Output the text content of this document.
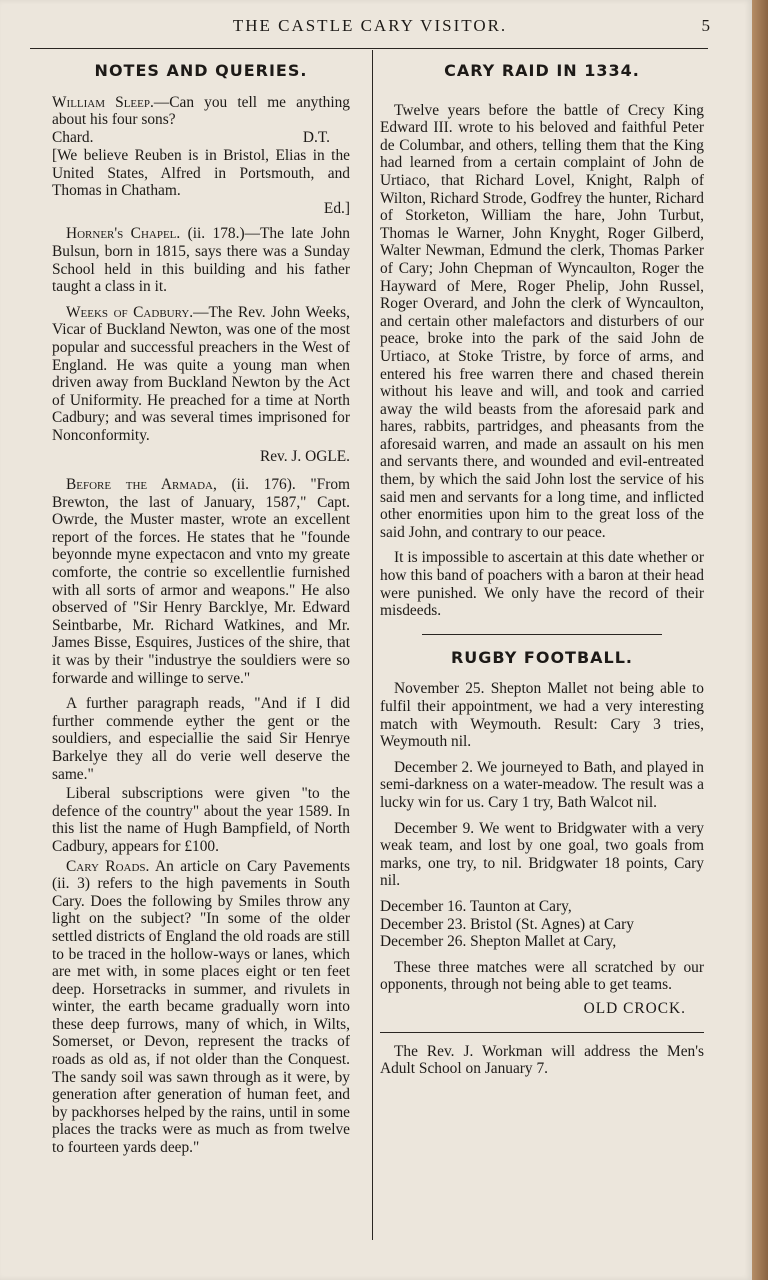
THE CASTLE CARY VISITOR.	5
NOTES AND QUERIES.

William Sleep.—Can you tell me anything about his four sons?

D.T.
Chard.
[We believe Reuben is in Bristol, Elias in the United States, Alfred in Portsmouth, and Thomas in Chatham.
Ed.]

Horner's Chapel. (ii. 178.)—The late John Bulsun, born in 1815, says there was a Sunday School held in this building and his father taught a class in it.

Weeks of Cadbury.—The Rev. John Weeks, Vicar of Buckland Newton, was one of the most popular and successful preachers in the West of England. He was quite a young man when driven away from Buckland Newton by the Act of Uniformity. He preached for a time at North Cadbury; and was several times imprisoned for Nonconformity.

Rev. J. OGLE.

Before the Armada, (ii. 176). "From Brewton, the last of January, 1587," Capt. Owrde, the Muster master, wrote an excellent report of the forces. He states that he "founde beyonnde myne expectacon and vnto my greate comforte, the contrie so excellentlie furnished with all sorts of armor and weapons." He also observed of "Sir Henry Barcklye, Mr. Edward Seintbarbe, Mr. Richard Watkines, and Mr. James Bisse, Esquires, Justices of the shire, that it was by their "industrye the souldiers were so forwarde and willinge to serve."

A further paragraph reads, "And if I did further commende eyther the gent or the souldiers, and especiallie the said Sir Henrye Barkelye they all do verie well deserve the same."

Liberal subscriptions were given "to the defence of the country" about the year 1589. In this list the name of Hugh Bampfield, of North Cadbury, appears for £100.

Cary Roads. An article on Cary Pavements (ii. 3) refers to the high pavements in South Cary. Does the following by Smiles throw any light on the subject? "In some of the older settled districts of England the old roads are still to be traced in the hollow-ways or lanes, which are met with, in some places eight or ten feet deep. Horsetracks in summer, and rivulets in winter, the earth became gradually worn into these deep furrows, many of which, in Wilts, Somerset, or Devon, represent the tracks of roads as old as, if not older than the Conquest. The sandy soil was sawn through as it were, by generation after generation of human feet, and by packhorses helped by the rains, until in some places the tracks were as much as from twelve to fourteen yards deep."

CARY RAID IN 1334.

Twelve years before the battle of Crecy King Edward III. wrote to his beloved and faithful Peter de Columbar, and others, telling them that the King had learned from a certain complaint of John de Urtiaco, that Richard Lovel, Knight, Ralph of Wilton, Richard Strode, Godfrey the hunter, Richard of Storketon, William the hare, John Turbut, Thomas le Warner, John Knyght, Roger Gilberd, Walter Newman, Edmund the clerk, Thomas Parker of Cary; John Chepman of Wyncaulton, Roger the Hayward of Mere, Roger Phelip, John Russel, Roger Overard, and John the clerk of Wyncaulton, and certain other malefactors and disturbers of our peace, broke into the park of the said John de Urtiaco, at Stoke Tristre, by force of arms, and entered his free warren there and chased therein without his leave and will, and took and carried away the wild beasts from the aforesaid park and hares, rabbits, partridges, and pheasants from the aforesaid warren, and made an assault on his men and servants there, and wounded and evil-entreated them, by which the said John lost the service of his said men and servants for a long time, and inflicted other enormities upon him to the great loss of the said John, and contrary to our peace.

It is impossible to ascertain at this date whether or how this band of poachers with a baron at their head were punished. We only have the record of their misdeeds.

RUGBY FOOTBALL.

November 25. Shepton Mallet not being able to fulfil their appointment, we had a very interesting match with Weymouth. Result: Cary 3 tries, Weymouth nil.

December 2. We journeyed to Bath, and played in semi-darkness on a water-meadow. The result was a lucky win for us. Cary 1 try, Bath Walcot nil.

December 9. We went to Bridgwater with a very weak team, and lost by one goal, two goals from marks, one try, to nil. Bridgwater 18 points, Cary nil.

December 16. Taunton at Cary,

December 23. Bristol (St. Agnes) at Cary

December 26. Shepton Mallet at Cary,

These three matches were all scratched by our opponents, through not being able to get teams.

OLD CROCK.

The Rev. J. Workman will address the Men's Adult School on January 7.
